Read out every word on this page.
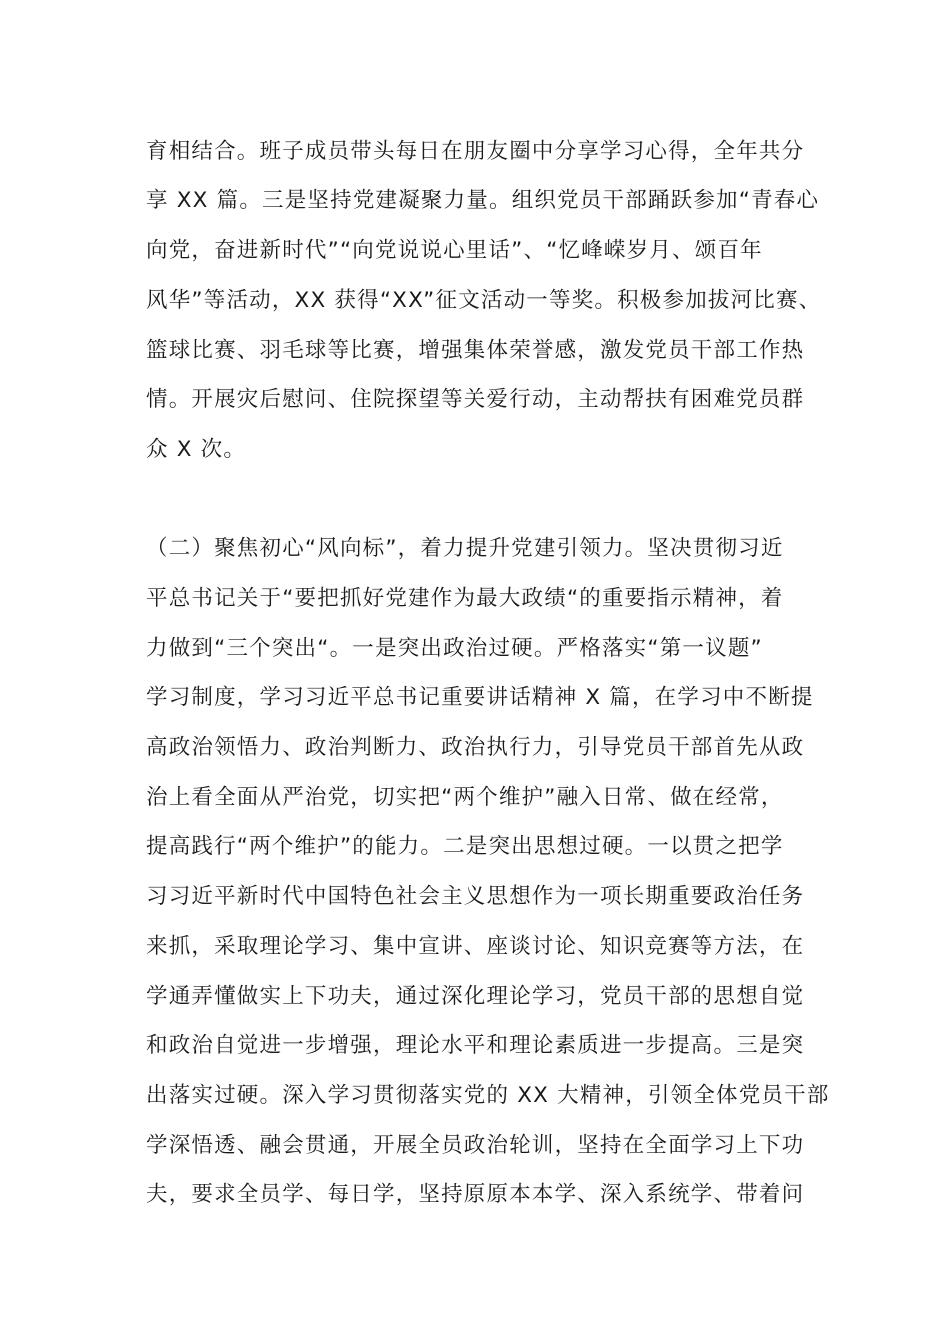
育相结合。班子成员带头每日在朋友圈中分享学习心得，全年共分
享 XX 篇。三是坚持党建凝聚力量。组织党员干部踊跃参加“青春心
向党，奋进新时代”“向党说说心里话”、“忆峰嵘岁月、颂百年
风华”等活动，XX 获得“XX”征文活动一等奖。积极参加拔河比赛、
篮球比赛、羽毛球等比赛，增强集体荣誉感，激发党员干部工作热
情。开展灾后慰问、住院探望等关爱行动，主动帮扶有困难党员群
众 X 次。
（二）聚焦初心“风向标”，着力提升党建引领力。坚决贯彻习近
平总书记关于“要把抓好党建作为最大政绩“的重要指示精神，着
力做到“三个突出“。一是突出政治过硬。严格落实“第一议题”
学习制度，学习习近平总书记重要讲话精神 X 篇，在学习中不断提
高政治领悟力、政治判断力、政治执行力，引导党员干部首先从政
治上看全面从严治党，切实把“两个维护”融入日常、做在经常，
提高践行“两个维护”的能力。二是突出思想过硬。一以贯之把学
习习近平新时代中国特色社会主义思想作为一项长期重要政治任务
来抓，采取理论学习、集中宣讲、座谈讨论、知识竞赛等方法，在
学通弄懂做实上下功夫，通过深化理论学习，党员干部的思想自觉
和政治自觉进一步增强，理论水平和理论素质进一步提高。三是突
出落实过硬。深入学习贯彻落实党的 XX 大精神，引领全体党员干部
学深悟透、融会贯通，开展全员政治轮训，坚持在全面学习上下功
夫，要求全员学、每日学，坚持原原本本学、深入系统学、带着问
